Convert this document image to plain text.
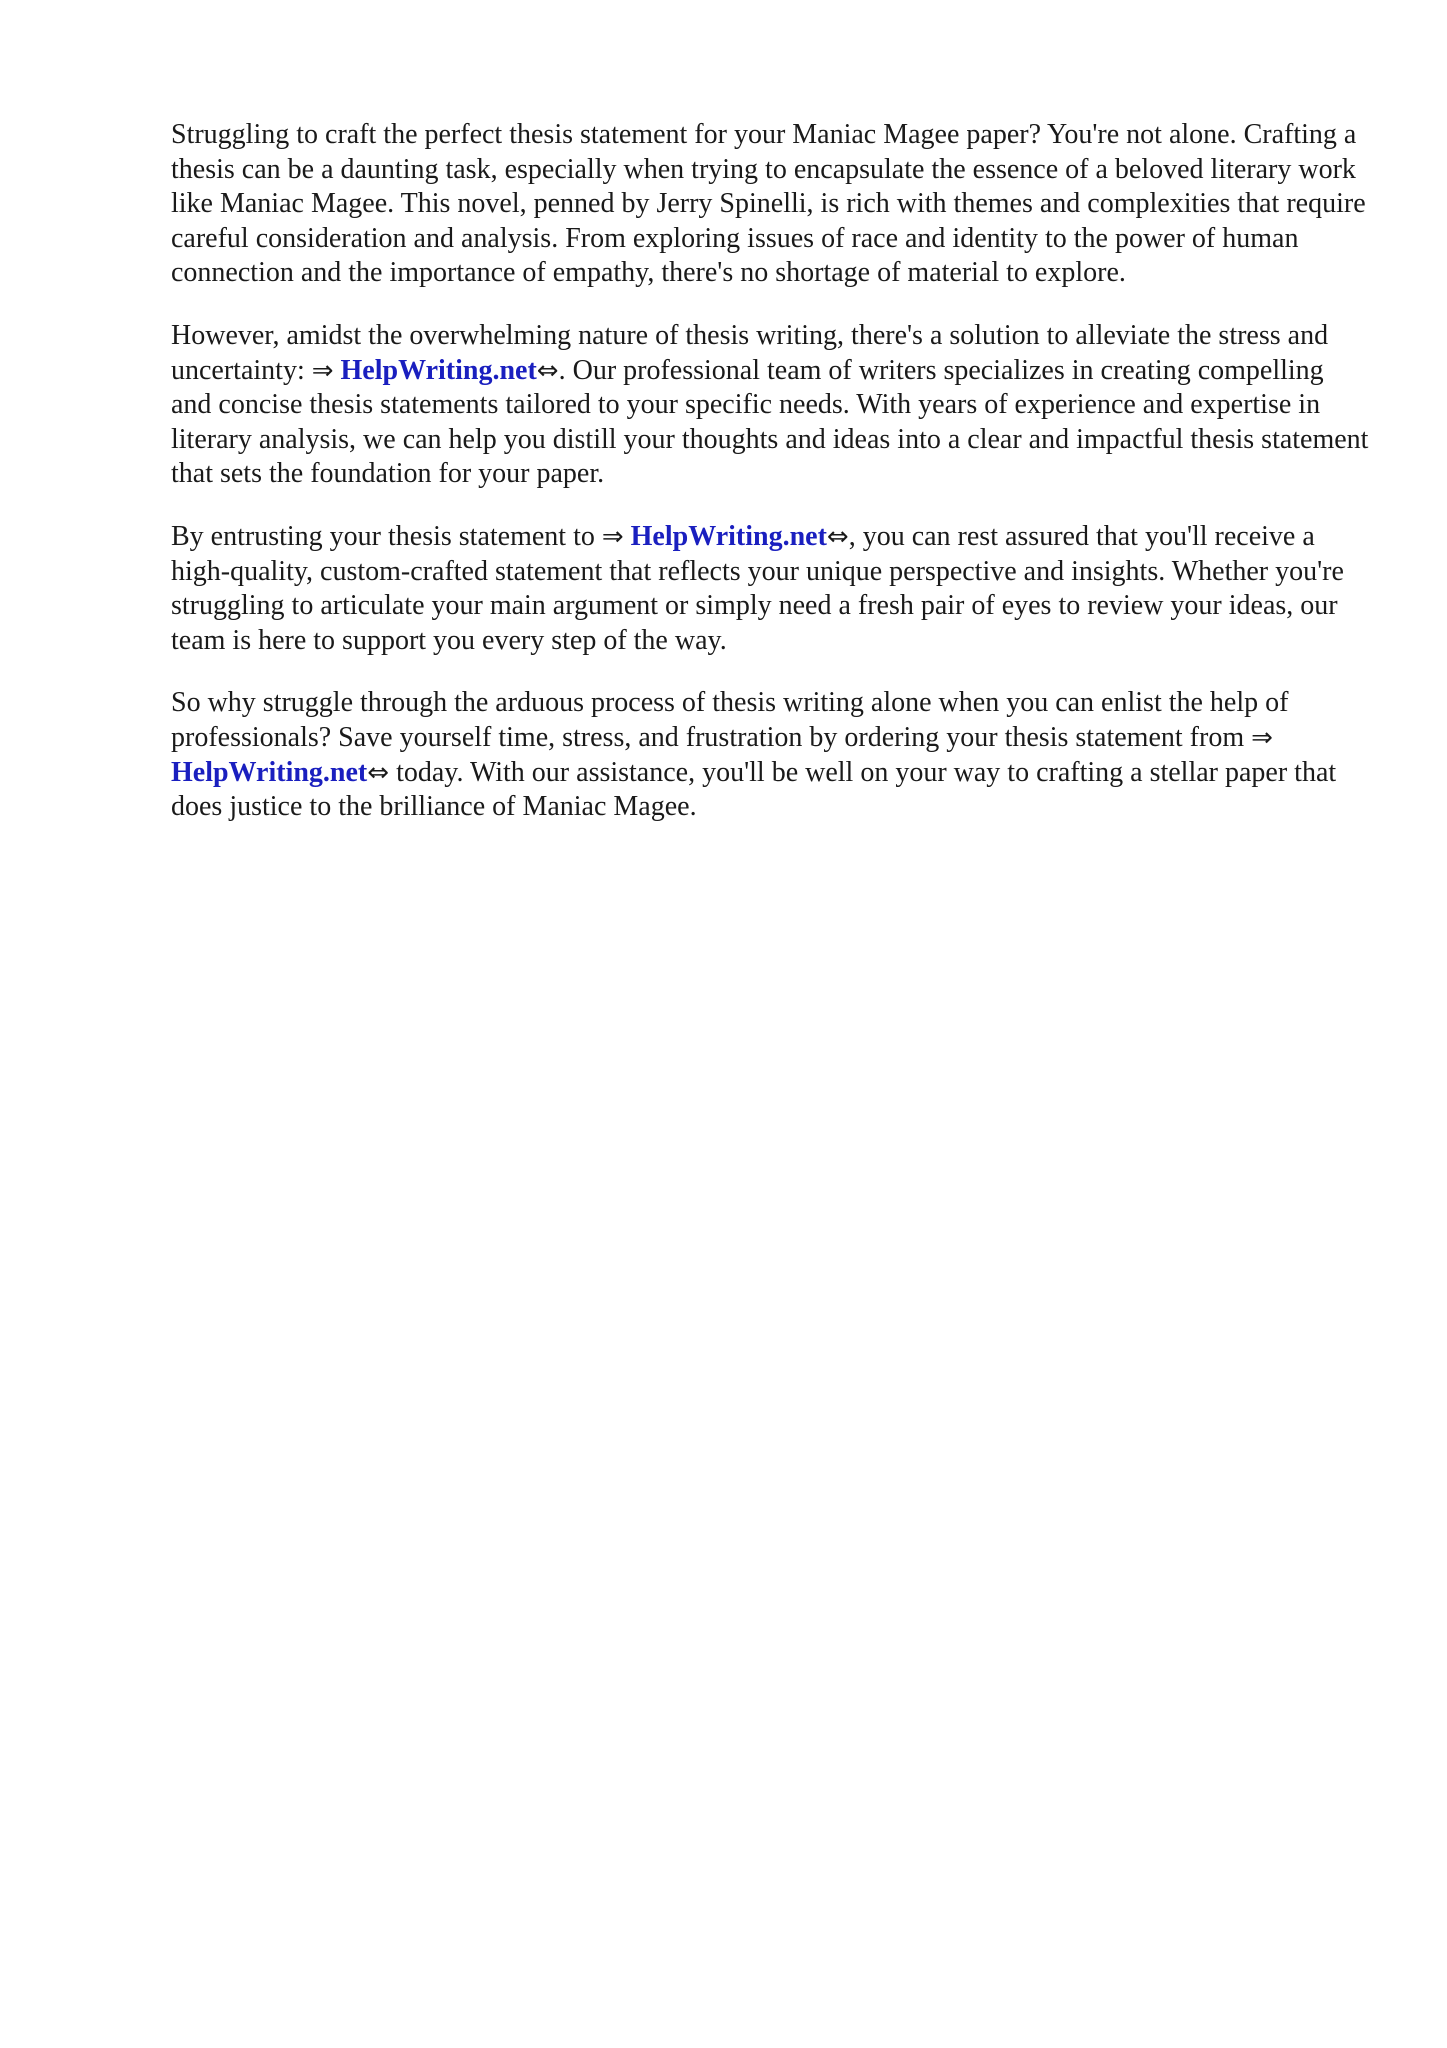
Struggling to craft the perfect thesis statement for your Maniac Magee paper? You're not alone. Crafting a thesis can be a daunting task, especially when trying to encapsulate the essence of a beloved literary work like Maniac Magee. This novel, penned by Jerry Spinelli, is rich with themes and complexities that require careful consideration and analysis. From exploring issues of race and identity to the power of human connection and the importance of empathy, there's no shortage of material to explore.

However, amidst the overwhelming nature of thesis writing, there's a solution to alleviate the stress and uncertainty: ⇒ HelpWriting.net⇔. Our professional team of writers specializes in creating compelling and concise thesis statements tailored to your specific needs. With years of experience and expertise in literary analysis, we can help you distill your thoughts and ideas into a clear and impactful thesis statement that sets the foundation for your paper.

By entrusting your thesis statement to ⇒ HelpWriting.net⇔, you can rest assured that you'll receive a high-quality, custom-crafted statement that reflects your unique perspective and insights. Whether you're struggling to articulate your main argument or simply need a fresh pair of eyes to review your ideas, our team is here to support you every step of the way.

So why struggle through the arduous process of thesis writing alone when you can enlist the help of professionals? Save yourself time, stress, and frustration by ordering your thesis statement from ⇒ HelpWriting.net⇔ today. With our assistance, you'll be well on your way to crafting a stellar paper that does justice to the brilliance of Maniac Magee.
